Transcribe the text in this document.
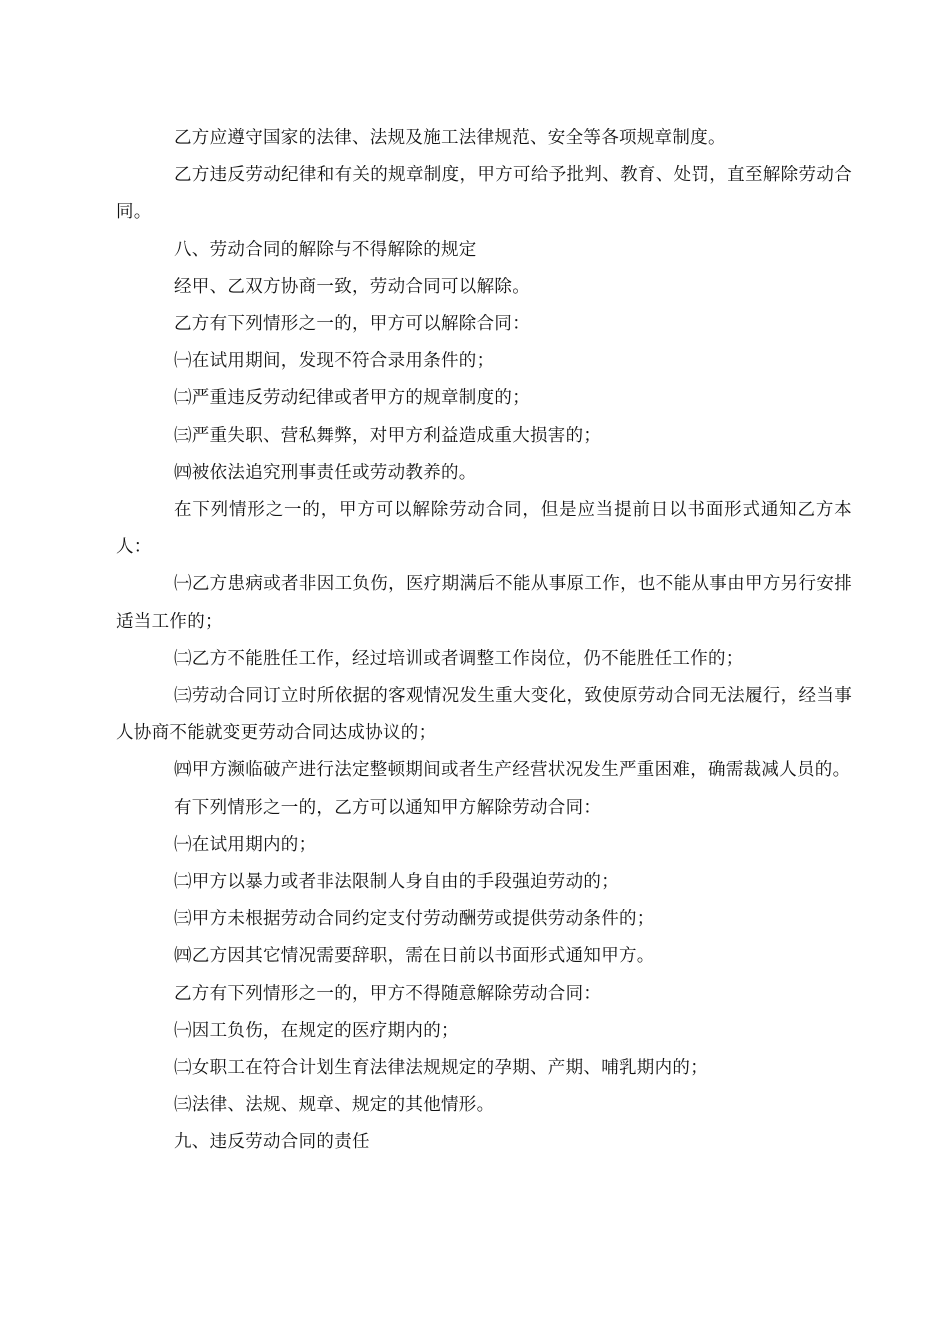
乙方应遵守国家的法律、法规及施工法律规范、安全等各项规章制度。

乙方违反劳动纪律和有关的规章制度，甲方可给予批判、教育、处罚，直至解除劳动合同。

八、劳动合同的解除与不得解除的规定

经甲、乙双方协商一致，劳动合同可以解除。

乙方有下列情形之一的，甲方可以解除合同：

㈠在试用期间，发现不符合录用条件的；

㈡严重违反劳动纪律或者甲方的规章制度的；

㈢严重失职、营私舞弊，对甲方利益造成重大损害的；

㈣被依法追究刑事责任或劳动教养的。

在下列情形之一的，甲方可以解除劳动合同，但是应当提前日以书面形式通知乙方本人：

㈠乙方患病或者非因工负伤，医疗期满后不能从事原工作，也不能从事由甲方另行安排适当工作的；

㈡乙方不能胜任工作，经过培训或者调整工作岗位，仍不能胜任工作的；

㈢劳动合同订立时所依据的客观情况发生重大变化，致使原劳动合同无法履行，经当事人协商不能就变更劳动合同达成协议的；

㈣甲方濒临破产进行法定整顿期间或者生产经营状况发生严重困难，确需裁减人员的。

有下列情形之一的，乙方可以通知甲方解除劳动合同：

㈠在试用期内的；

㈡甲方以暴力或者非法限制人身自由的手段强迫劳动的；

㈢甲方未根据劳动合同约定支付劳动酬劳或提供劳动条件的；

㈣乙方因其它情况需要辞职，需在日前以书面形式通知甲方。

乙方有下列情形之一的，甲方不得随意解除劳动合同：

㈠因工负伤，在规定的医疗期内的；

㈡女职工在符合计划生育法律法规规定的孕期、产期、哺乳期内的；

㈢法律、法规、规章、规定的其他情形。

九、违反劳动合同的责任
